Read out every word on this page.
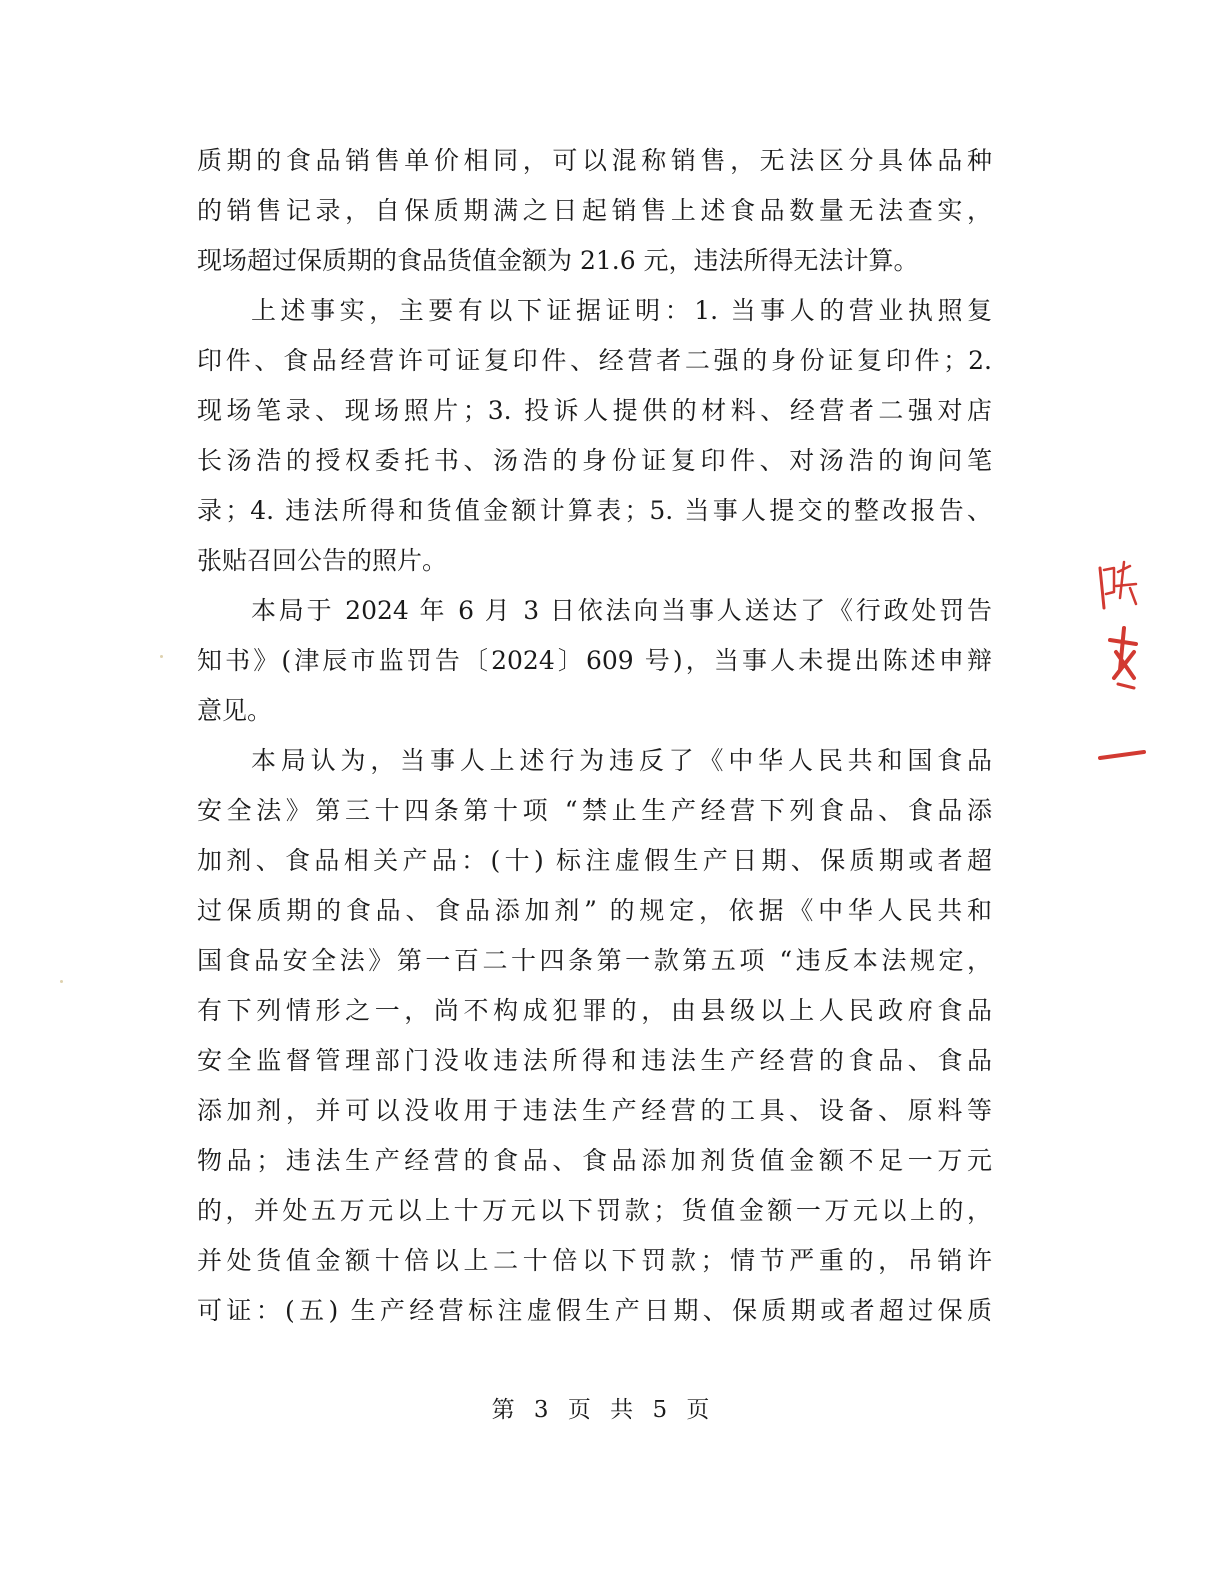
质期的食品销售单价相同，可以混称销售，无法区分具体品种
的销售记录，自保质期满之日起销售上述食品数量无法查实，
现场超过保质期的食品货值金额为 21.6 元，违法所得无法计算。
上述事实，主要有以下证据证明：1. 当事人的营业执照复
印件、食品经营许可证复印件、经营者二强的身份证复印件；2.
现场笔录、现场照片；3. 投诉人提供的材料、经营者二强对店
长汤浩的授权委托书、汤浩的身份证复印件、对汤浩的询问笔
录；4. 违法所得和货值金额计算表；5. 当事人提交的整改报告、
张贴召回公告的照片。
本局于 2024 年 6 月 3 日依法向当事人送达了《行政处罚告
知书》(津辰市监罚告〔2024〕609 号)，当事人未提出陈述申辩
意见。
本局认为，当事人上述行为违反了《中华人民共和国食品
安全法》第三十四条第十项 “禁止生产经营下列食品、食品添
加剂、食品相关产品：(十) 标注虚假生产日期、保质期或者超
过保质期的食品、食品添加剂” 的规定，依据《中华人民共和
国食品安全法》第一百二十四条第一款第五项 “违反本法规定，
有下列情形之一，尚不构成犯罪的，由县级以上人民政府食品
安全监督管理部门没收违法所得和违法生产经营的食品、食品
添加剂，并可以没收用于违法生产经营的工具、设备、原料等
物品；违法生产经营的食品、食品添加剂货值金额不足一万元
的，并处五万元以上十万元以下罚款；货值金额一万元以上的，
并处货值金额十倍以上二十倍以下罚款；情节严重的，吊销许
可证：(五) 生产经营标注虚假生产日期、保质期或者超过保质
第 3 页 共 5 页
